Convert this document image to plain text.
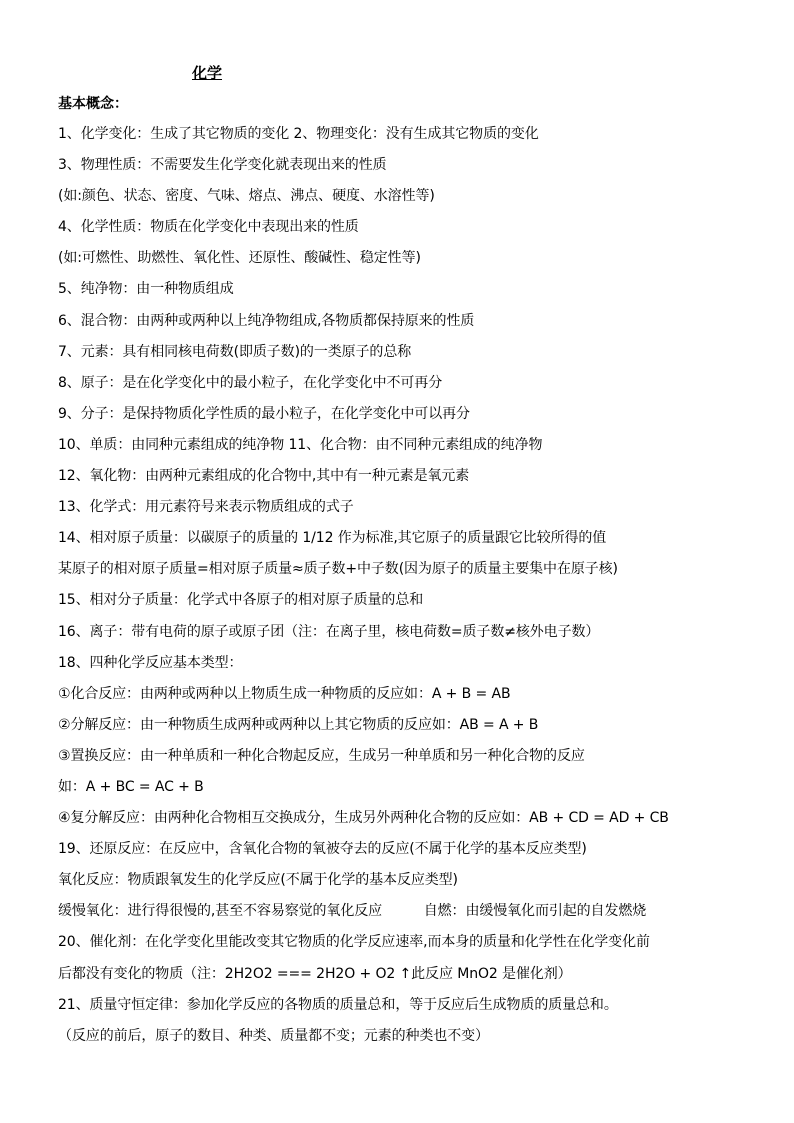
化学
基本概念：
1、化学变化：生成了其它物质的变化 2、物理变化：没有生成其它物质的变化
3、物理性质：不需要发生化学变化就表现出来的性质
(如:颜色、状态、密度、气味、熔点、沸点、硬度、水溶性等)
4、化学性质：物质在化学变化中表现出来的性质
(如:可燃性、助燃性、氧化性、还原性、酸碱性、稳定性等)
5、纯净物：由一种物质组成
6、混合物：由两种或两种以上纯净物组成,各物质都保持原来的性质
7、元素：具有相同核电荷数(即质子数)的一类原子的总称
8、原子：是在化学变化中的最小粒子，在化学变化中不可再分
9、分子：是保持物质化学性质的最小粒子，在化学变化中可以再分
10、单质：由同种元素组成的纯净物 11、化合物：由不同种元素组成的纯净物
12、氧化物：由两种元素组成的化合物中,其中有一种元素是氧元素
13、化学式：用元素符号来表示物质组成的式子
14、相对原子质量：以碳原子的质量的 1/12 作为标准,其它原子的质量跟它比较所得的值
某原子的相对原子质量=相对原子质量≈质子数+中子数(因为原子的质量主要集中在原子核)
15、相对分子质量：化学式中各原子的相对原子质量的总和
16、离子：带有电荷的原子或原子团（注：在离子里，核电荷数=质子数≠核外电子数）
18、四种化学反应基本类型：
①化合反应：由两种或两种以上物质生成一种物质的反应如：A + B = AB
②分解反应：由一种物质生成两种或两种以上其它物质的反应如：AB = A + B
③置换反应：由一种单质和一种化合物起反应，生成另一种单质和另一种化合物的反应
如：A + BC = AC + B
④复分解反应：由两种化合物相互交换成分，生成另外两种化合物的反应如：AB + CD = AD + CB
19、还原反应：在反应中，含氧化合物的氧被夺去的反应(不属于化学的基本反应类型)
氧化反应：物质跟氧发生的化学反应(不属于化学的基本反应类型)
缓慢氧化：进行得很慢的,甚至不容易察觉的氧化反应　　　自燃：由缓慢氧化而引起的自发燃烧
20、催化剂：在化学变化里能改变其它物质的化学反应速率,而本身的质量和化学性在化学变化前
后都没有变化的物质（注：2H2O2 === 2H2O + O2 ↑此反应 MnO2 是催化剂）
21、质量守恒定律：参加化学反应的各物质的质量总和，等于反应后生成物质的质量总和。
（反应的前后，原子的数目、种类、质量都不变；元素的种类也不变）
